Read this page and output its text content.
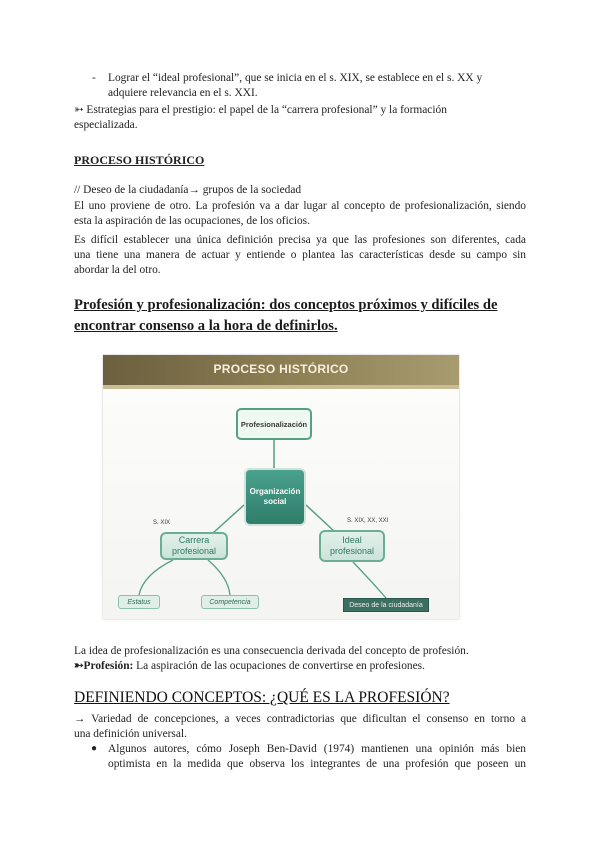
- Lograr el “ideal profesional”, que se inicia en el s. XIX, se establece en el s. XX y
adquiere relevancia en el s. XXI.
➳ Estrategias para el prestigio: el papel de la “carrera profesional” y la formación
especializada.
PROCESO HISTÓRICO
// Deseo de la ciudadanía→ grupos de la sociedad
El uno proviene de otro. La profesión va a dar lugar al concepto de profesionalización, siendo
esta la aspiración de las ocupaciones, de los oficios.
Es difícil establecer una única definición precisa ya que las profesiones son diferentes, cada
una tiene una manera de actuar y entiende o plantea las características desde su campo sin
abordar la del otro.
Profesión y profesionalización: dos conceptos próximos y difíciles de
encontrar consenso a la hora de definirlos.
PROCESO HISTÓRICO
Profesionalización
Organización
social
S. XIX	S. XIX, XX, XXI
Carrera
profesional
Ideal
profesional
Estatus	Competencia	Deseo de la ciudadanía
La idea de profesionalización es una consecuencia derivada del concepto de profesión.
➳Profesión: La aspiración de las ocupaciones de convertirse en profesiones.
DEFINIENDO CONCEPTOS: ¿QUÉ ES LA PROFESIÓN?
→ Variedad de concepciones, a veces contradictorias que dificultan el consenso en torno a
una definición universal.
● Algunos autores, cómo Joseph Ben-David (1974) mantienen una opinión más bien
optimista en la medida que observa los integrantes de una profesión que poseen un
